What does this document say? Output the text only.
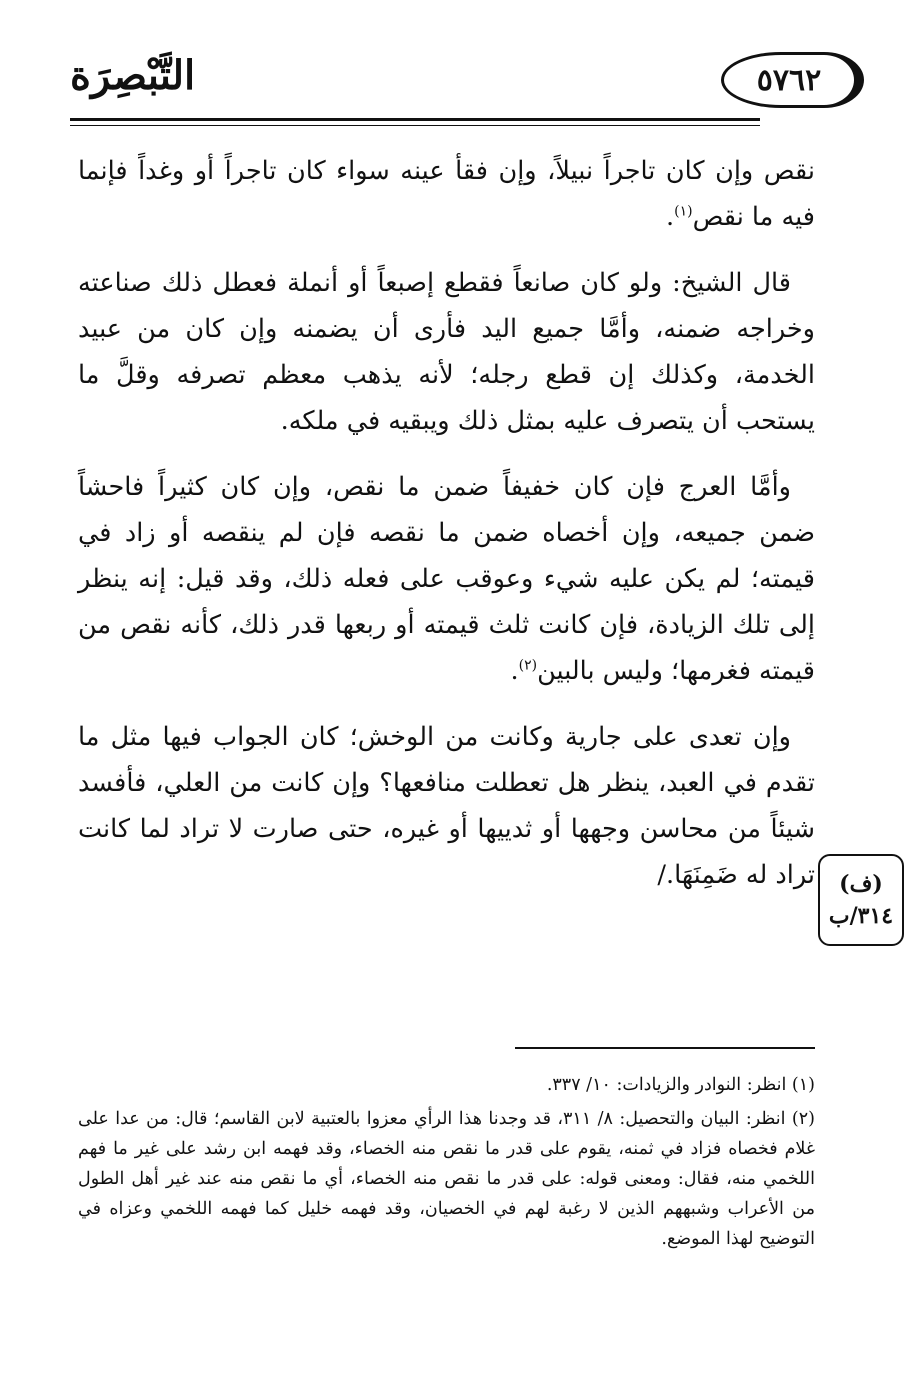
التَّبْصِرَة	٥٧٦٢

نقص وإن كان تاجراً نبيلاً، وإن فقأ عينه سواء كان تاجراً أو وغداً فإنما فيه ما نقص$^{(١)}$.

قال الشيخ: ولو كان صانعاً فقطع إصبعاً أو أنملة فعطل ذلك صناعته وخراجه ضمنه، وأمَّا جميع اليد فأرى أن يضمنه وإن كان من عبيد الخدمة، وكذلك إن قطع رجله؛ لأنه يذهب معظم تصرفه وقلَّ ما يستحب أن يتصرف عليه بمثل ذلك ويبقيه في ملكه.

وأمَّا العرج فإن كان خفيفاً ضمن ما نقص، وإن كان كثيراً فاحشاً ضمن جميعه، وإن أخصاه ضمن ما نقصه فإن لم ينقصه أو زاد في قيمته؛ لم يكن عليه شيء وعوقب على فعله ذلك، وقد قيل: إنه ينظر إلى تلك الزيادة، فإن كانت ثلث قيمته أو ربعها قدر ذلك، كأنه نقص من قيمته فغرمها؛ وليس بالبين$^{(٢)}$.

وإن تعدى على جارية وكانت من الوخش؛ كان الجواب فيها مثل ما تقدم في العبد، ينظر هل تعطلت منافعها؟ وإن كانت من العلي، فأفسد شيئاً من محاسن وجهها أو ثدييها أو غيره، حتى صارت لا تراد لما كانت تراد له ضَمِنَهَا./ (ف)
٣١٤/ب

(١) انظر: النوادر والزيادات: ١٠/ ٣٣٧.

(٢) انظر: البيان والتحصيل: ٨/ ٣١١، قد وجدنا هذا الرأي معزوا بالعتبية لابن القاسم؛ قال: من عدا على غلام فخصاه فزاد في ثمنه، يقوم على قدر ما نقص منه الخصاء، وقد فهمه ابن رشد على غير ما فهم اللخمي منه، فقال: ومعنى قوله: على قدر ما نقص منه الخصاء، أي ما نقص منه عند غير أهل الطول من الأعراب وشبههم الذين لا رغبة لهم في الخصيان، وقد فهمه خليل كما فهمه اللخمي وعزاه في التوضيح لهذا الموضع.
